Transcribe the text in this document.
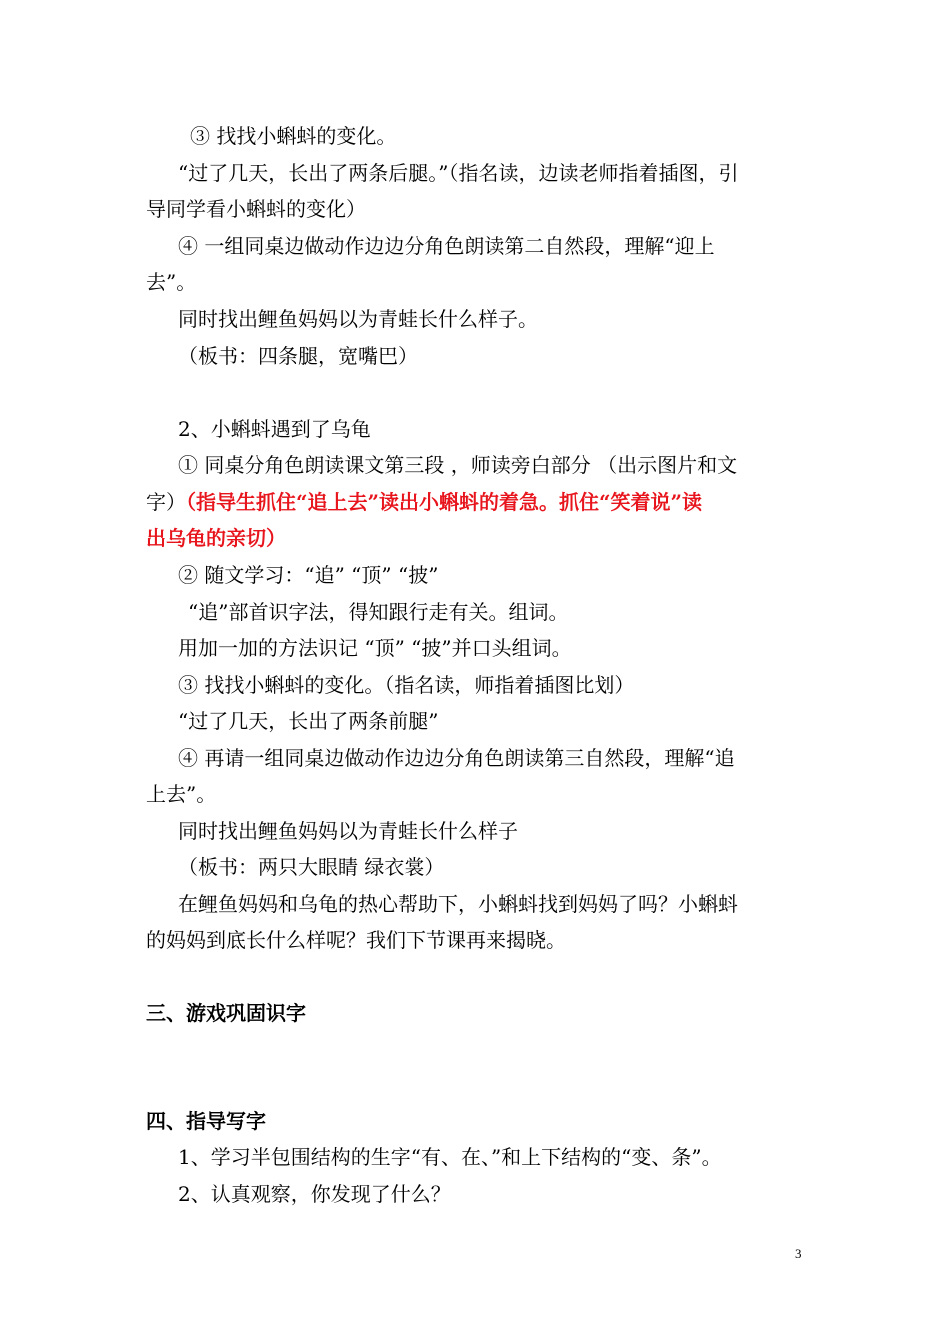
③ 找找小蝌蚪的变化。
“过了几天，长出了两条后腿。”（指名读，边读老师指着插图，引
导同学看小蝌蚪的变化）
④ 一组同桌边做动作边边分角色朗读第二自然段，理解“迎上
去”。
同时找出鲤鱼妈妈以为青蛙长什么样子。
（板书：四条腿，宽嘴巴）
2、小蝌蚪遇到了乌龟
① 同桌分角色朗读课文第三段 ，师读旁白部分 （出示图片和文
字）（指导生抓住“追上去”读出小蝌蚪的着急。抓住“笑着说”读
出乌龟的亲切）
② 随文学习：“追” “顶” “披”
“追”部首识字法，得知跟行走有关。组词。
用加一加的方法识记 “顶” “披”并口头组词。
③ 找找小蝌蚪的变化。（指名读，师指着插图比划）
“过了几天，长出了两条前腿”
④ 再请一组同桌边做动作边边分角色朗读第三自然段，理解“追
上去”。
同时找出鲤鱼妈妈以为青蛙长什么样子
（板书：两只大眼睛 绿衣裳）
在鲤鱼妈妈和乌龟的热心帮助下，小蝌蚪找到妈妈了吗？小蝌蚪
的妈妈到底长什么样呢？我们下节课再来揭晓。
三、游戏巩固识字
四、指导写字
1、学习半包围结构的生字“有、在、”和上下结构的“变、条”。
2、认真观察，你发现了什么？
3
